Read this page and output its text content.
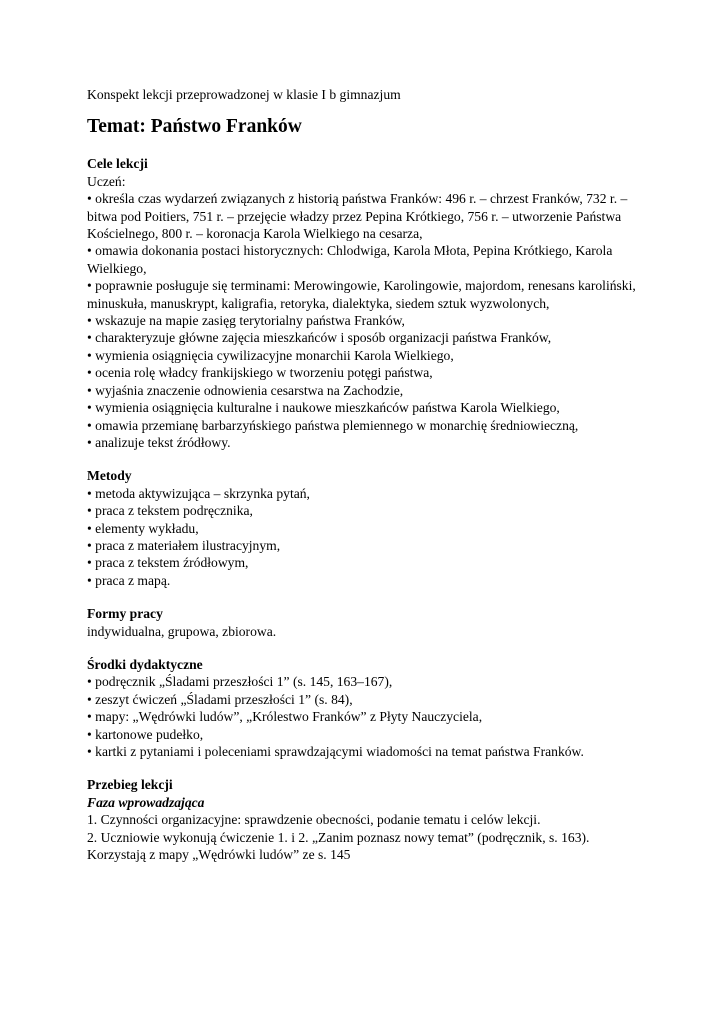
Konspekt lekcji przeprowadzonej w klasie I b gimnazjum

Temat: Państwo Franków

Cele lekcji

Uczeń:

• określa czas wydarzeń związanych z historią państwa Franków: 496 r. – chrzest Franków, 732 r. – bitwa pod Poitiers, 751 r. – przejęcie władzy przez Pepina Krótkiego, 756 r. – utworzenie Państwa Kościelnego, 800 r. – koronacja Karola Wielkiego na cesarza,
• omawia dokonania postaci historycznych: Chlodwiga, Karola Młota, Pepina Krótkiego, Karola Wielkiego,
• poprawnie posługuje się terminami: Merowingowie, Karolingowie, majordom, renesans karoliński, minuskuła, manuskrypt, kaligrafia, retoryka, dialektyka, siedem sztuk wyzwolonych,
• wskazuje na mapie zasięg terytorialny państwa Franków,
• charakteryzuje główne zajęcia mieszkańców i sposób organizacji państwa Franków,
• wymienia osiągnięcia cywilizacyjne monarchii Karola Wielkiego,
• ocenia rolę władcy frankijskiego w tworzeniu potęgi państwa,
• wyjaśnia znaczenie odnowienia cesarstwa na Zachodzie,
• wymienia osiągnięcia kulturalne i naukowe mieszkańców państwa Karola Wielkiego,
• omawia przemianę barbarzyńskiego państwa plemiennego w monarchię średniowieczną,
• analizuje tekst źródłowy.

Metody

• metoda aktywizująca – skrzynka pytań,
• praca z tekstem podręcznika,
• elementy wykładu,
• praca z materiałem ilustracyjnym,
• praca z tekstem źródłowym,
• praca z mapą.

Formy pracy

indywidualna, grupowa, zbiorowa.

Środki dydaktyczne

• podręcznik „Śladami przeszłości 1” (s. 145, 163–167),
• zeszyt ćwiczeń „Śladami przeszłości 1” (s. 84),
• mapy: „Wędrówki ludów”, „Królestwo Franków” z Płyty Nauczyciela,
• kartonowe pudełko,
• kartki z pytaniami i poleceniami sprawdzającymi wiadomości na temat państwa Franków.

Przebieg lekcji

Faza wprowadzająca

1. Czynności organizacyjne: sprawdzenie obecności, podanie tematu i celów lekcji.

2. Uczniowie wykonują ćwiczenie 1. i 2. „Zanim poznasz nowy temat” (podręcznik, s. 163). Korzystają z mapy „Wędrówki ludów” ze s. 145
